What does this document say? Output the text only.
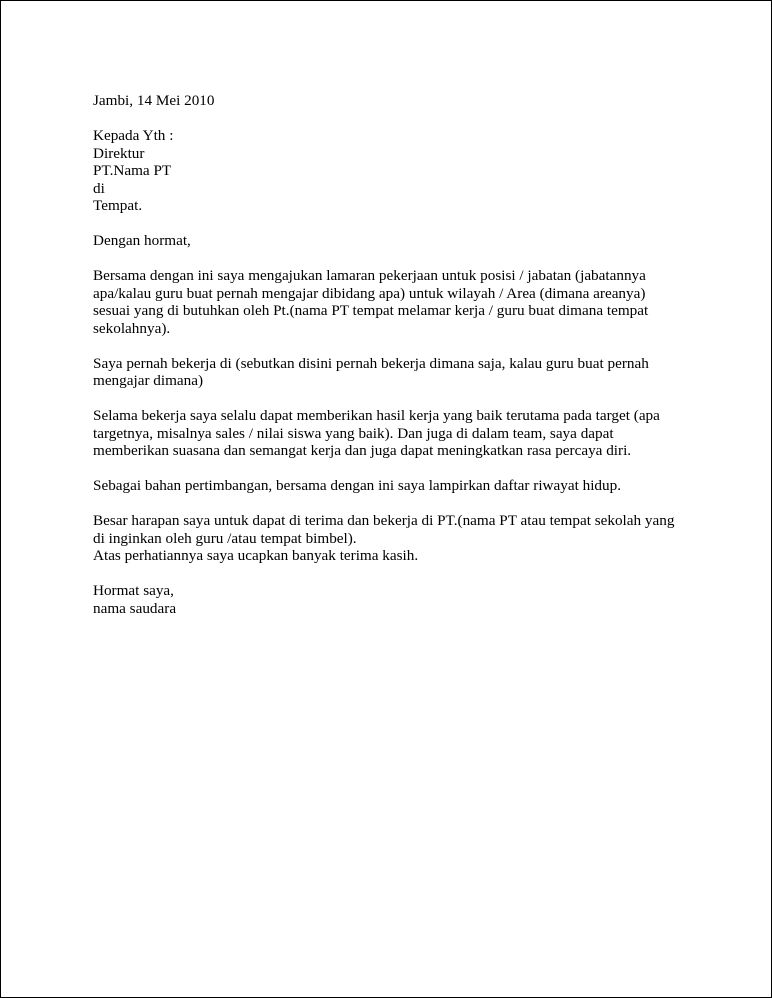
Jambi, 14 Mei 2010

Kepada Yth :
Direktur
PT.Nama PT
di
Tempat.

Dengan hormat,

Bersama dengan ini saya mengajukan lamaran pekerjaan untuk posisi / jabatan (jabatannya
apa/kalau guru buat pernah mengajar dibidang apa) untuk wilayah / Area (dimana areanya)
sesuai yang di butuhkan oleh Pt.(nama PT tempat melamar kerja / guru buat dimana tempat
sekolahnya).

Saya pernah bekerja di (sebutkan disini pernah bekerja dimana saja, kalau guru buat pernah
mengajar dimana)

Selama bekerja saya selalu dapat memberikan hasil kerja yang baik terutama pada target (apa
targetnya, misalnya sales / nilai siswa yang baik). Dan juga di dalam team, saya dapat
memberikan suasana dan semangat kerja dan juga dapat meningkatkan rasa percaya diri.

Sebagai bahan pertimbangan, bersama dengan ini saya lampirkan daftar riwayat hidup.

Besar harapan saya untuk dapat di terima dan bekerja di PT.(nama PT atau tempat sekolah yang
di inginkan oleh guru /atau tempat bimbel).
Atas perhatiannya saya ucapkan banyak terima kasih.

Hormat saya,
nama saudara
